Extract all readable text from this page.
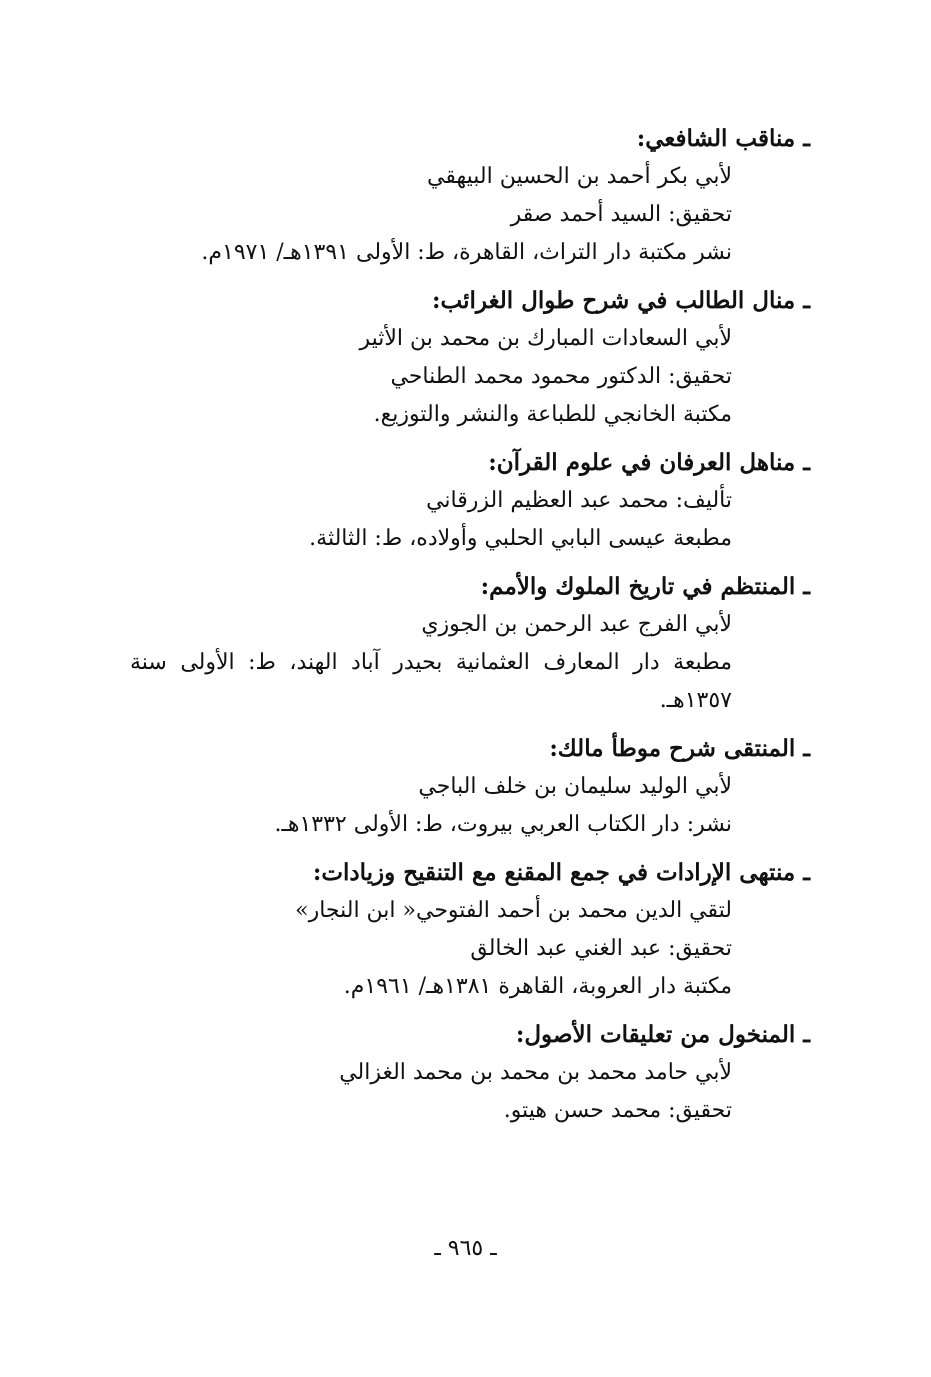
ـ مناقب الشافعي:
لأبي بكر أحمد بن الحسين البيهقي
تحقيق: السيد أحمد صقر
نشر مكتبة دار التراث، القاهرة، ط: الأولى ١٣٩١هـ/ ١٩٧١م.
ـ منال الطالب في شرح طوال الغرائب:
لأبي السعادات المبارك بن محمد بن الأثير
تحقيق: الدكتور محمود محمد الطناحي
مكتبة الخانجي للطباعة والنشر والتوزيع.
ـ مناهل العرفان في علوم القرآن:
تأليف: محمد عبد العظيم الزرقاني
مطبعة عيسى البابي الحلبي وأولاده، ط: الثالثة.
ـ المنتظم في تاريخ الملوك والأمم:
لأبي الفرج عبد الرحمن بن الجوزي
مطبعة دار المعارف العثمانية بحيدر آباد الهند، ط: الأولى سنة ١٣٥٧هـ.
ـ المنتقى شرح موطأ مالك:
لأبي الوليد سليمان بن خلف الباجي
نشر: دار الكتاب العربي بيروت، ط: الأولى ١٣٣٢هـ.
ـ منتهى الإرادات في جمع المقنع مع التنقيح وزيادات:
لتقي الدين محمد بن أحمد الفتوحي« ابن النجار»
تحقيق: عبد الغني عبد الخالق
مكتبة دار العروبة، القاهرة ١٣٨١هـ/ ١٩٦١م.
ـ المنخول من تعليقات الأصول:
لأبي حامد محمد بن محمد بن محمد الغزالي
تحقيق: محمد حسن هيتو.
ـ ٩٦٥ ـ
